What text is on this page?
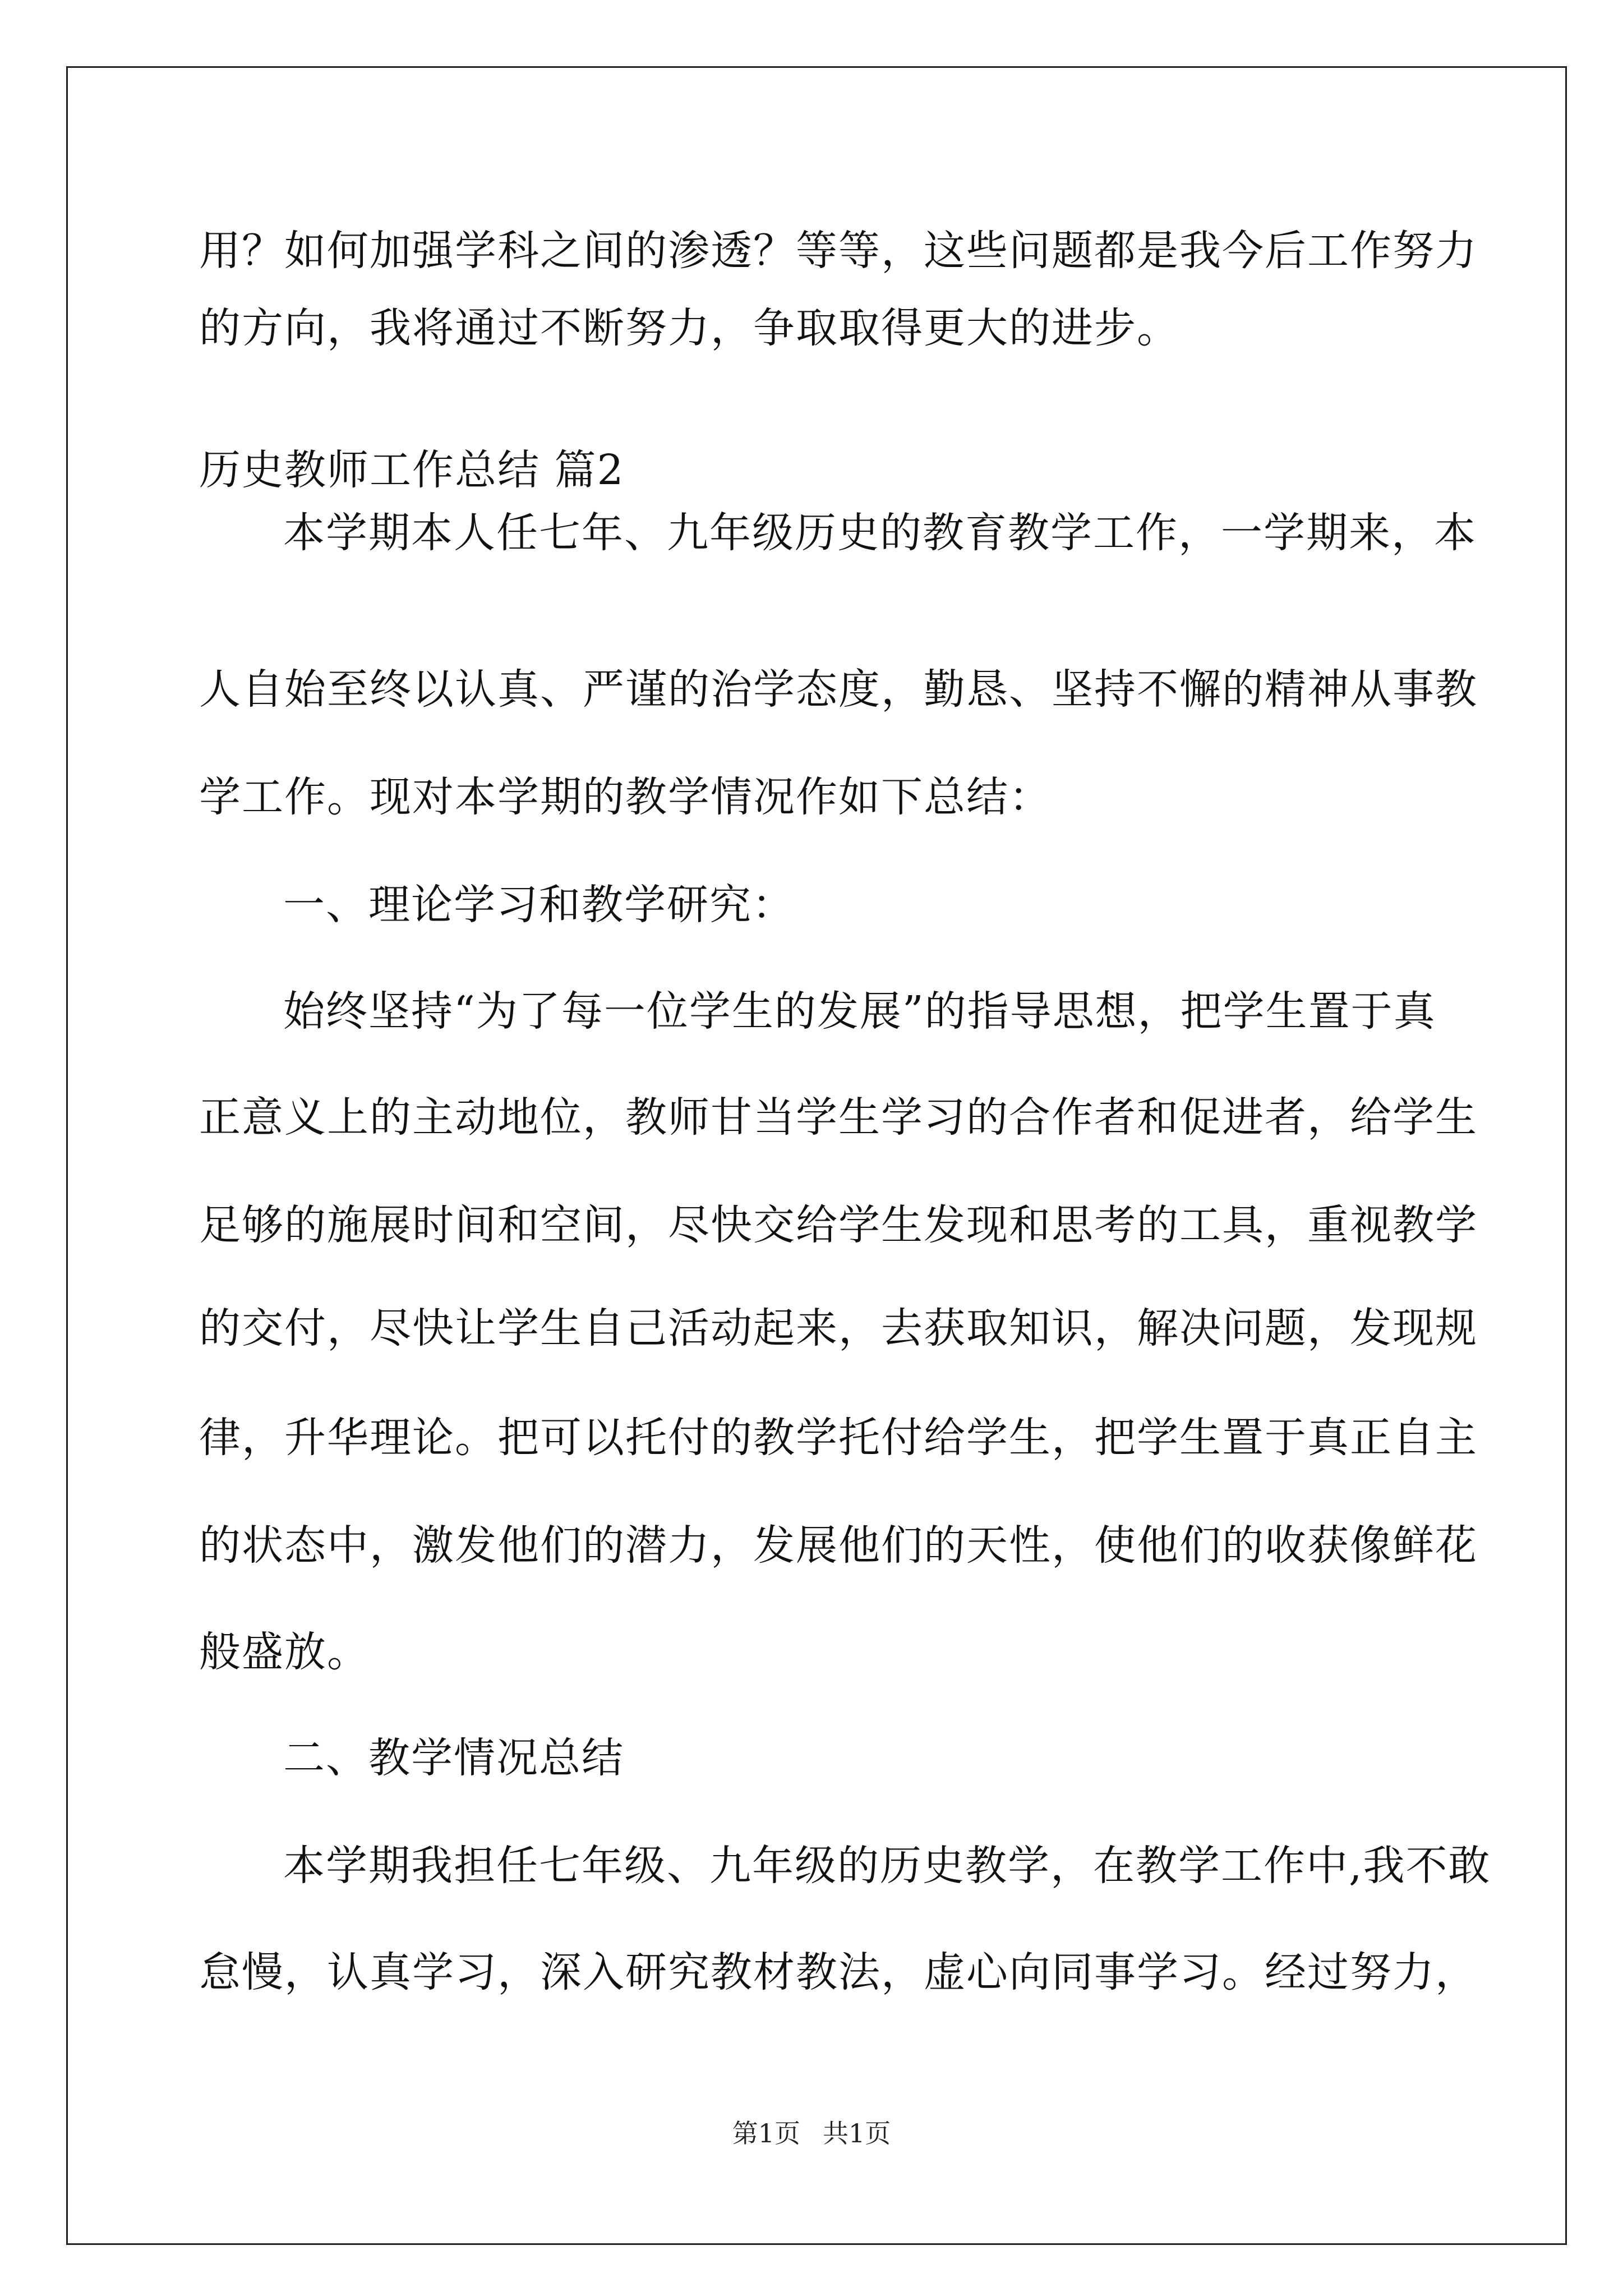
用？如何加强学科之间的渗透？等等，这些问题都是我今后工作努力
的方向，我将通过不断努力，争取取得更大的进步。
历史教师工作总结 篇2
本学期本人任七年、九年级历史的教育教学工作，一学期来，本
人自始至终以认真、严谨的治学态度，勤恳、坚持不懈的精神从事教
学工作。现对本学期的教学情况作如下总结：
一、理论学习和教学研究：
始终坚持“为了每一位学生的发展”的指导思想，把学生置于真
正意义上的主动地位，教师甘当学生学习的合作者和促进者，给学生
足够的施展时间和空间，尽快交给学生发现和思考的工具，重视教学
的交付，尽快让学生自己活动起来，去获取知识，解决问题，发现规
律，升华理论。把可以托付的教学托付给学生，把学生置于真正自主
的状态中，激发他们的潜力，发展他们的天性，使他们的收获像鲜花
般盛放。
二、教学情况总结
本学期我担任七年级、九年级的历史教学，在教学工作中,我不敢
怠慢，认真学习，深入研究教材教法，虚心向同事学习。经过努力，
第1页 共1页
